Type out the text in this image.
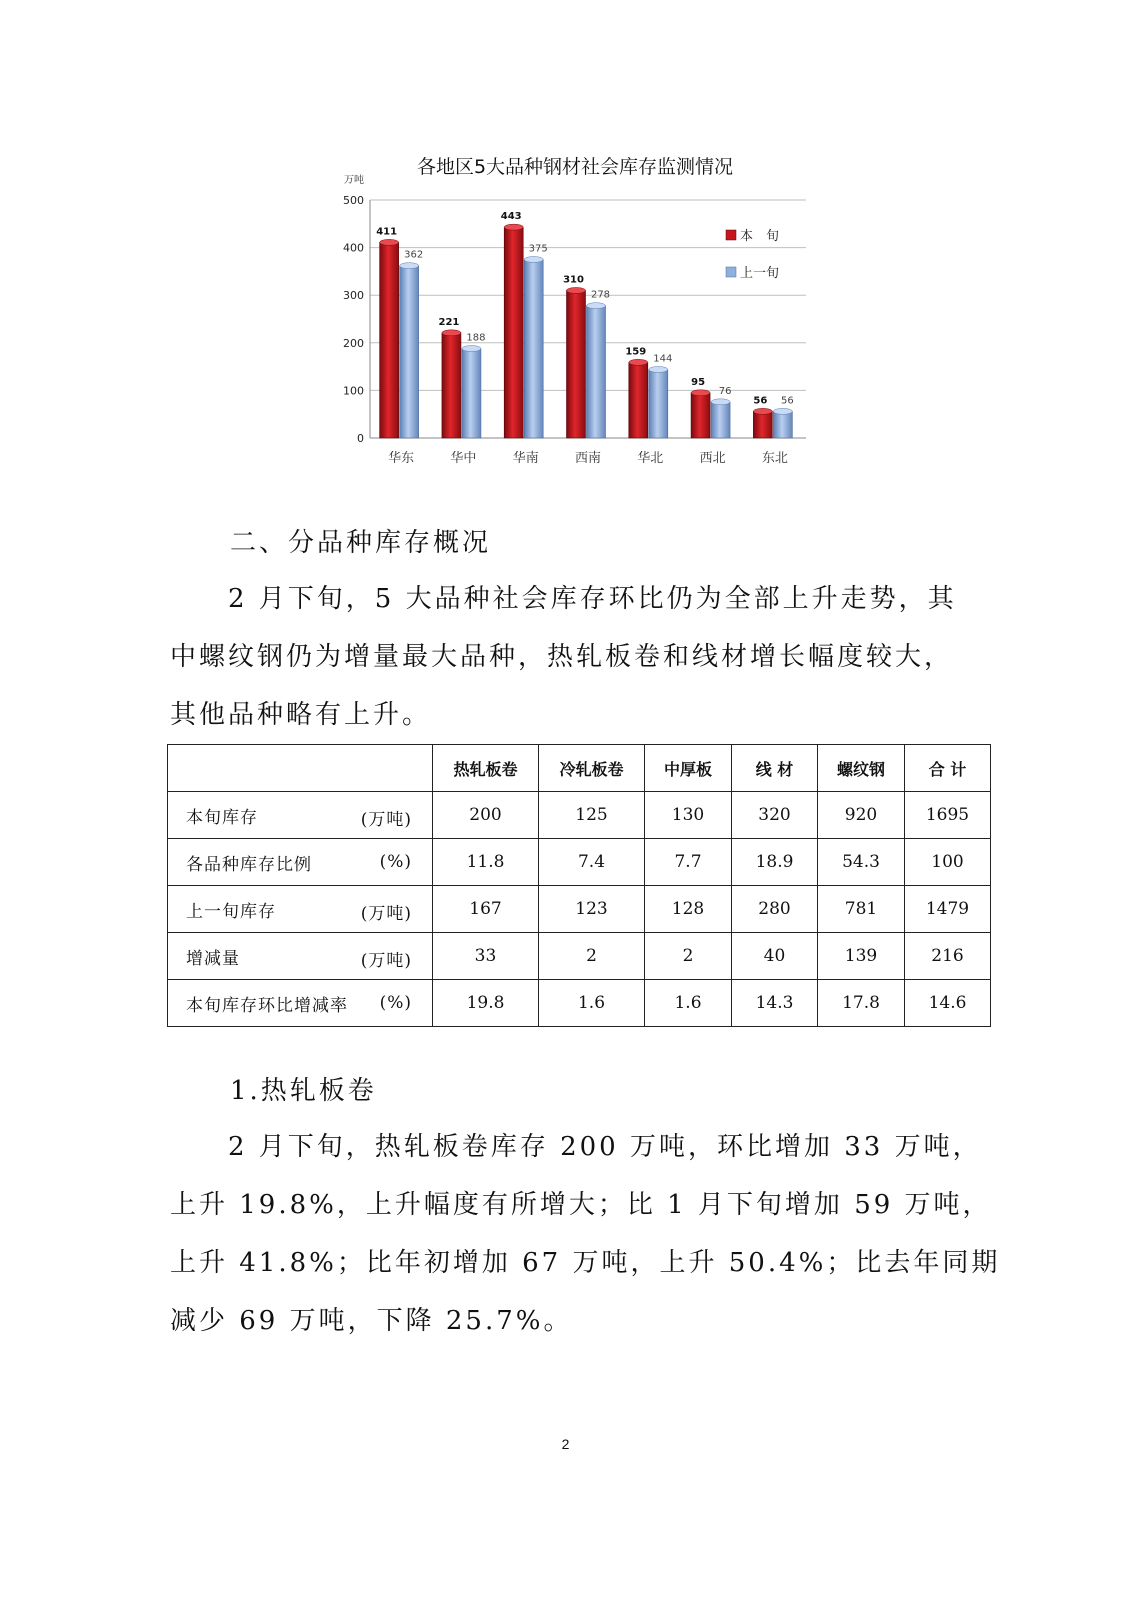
各地区5大品种钢材社会库存监测情况
0
100
200
300
400
500
411
362
华东
221
188
华中
443
375
华南
310
278
西南
159
144
华北
95
76
西北
56 56
东北
万吨
本　旬
上一旬
二、分品种库存概况
2 月下旬，5 大品种社会库存环比仍为全部上升走势，其
中螺纹钢仍为增量最大品种，热轧板卷和线材增长幅度较大，
其他品种略有上升。
	热轧板卷	冷轧板卷	中厚板	线 材	螺纹钢	合 计
本旬库存 (万吨)	200	125	130	320	920	1695
各品种库存比例 (%)	11.8	7.4	7.7	18.9	54.3	100
上一旬库存 (万吨)	167	123	128	280	781	1479
增减量 (万吨)	33	2	2	40	139	216
本旬库存环比增减率 (%)	19.8	1.6	1.6	14.3	17.8	14.6
1.热轧板卷
2 月下旬，热轧板卷库存 200 万吨，环比增加 33 万吨，
上升 19.8%，上升幅度有所增大；比 1 月下旬增加 59 万吨，
上升 41.8%；比年初增加 67 万吨，上升 50.4%；比去年同期
减少 69 万吨，下降 25.7%。
2
